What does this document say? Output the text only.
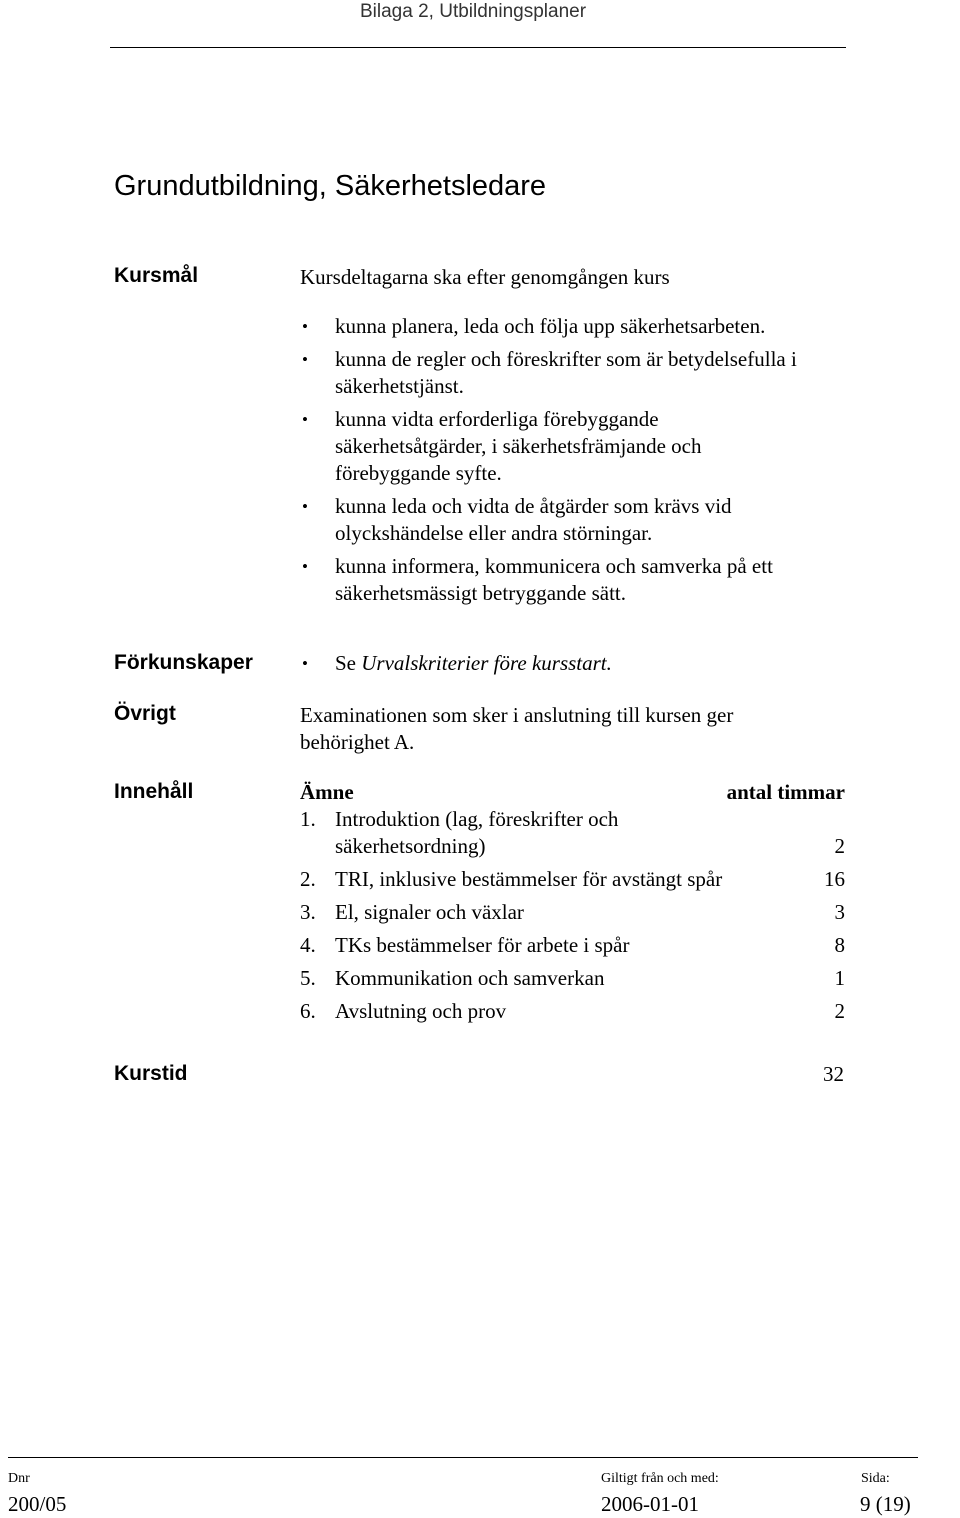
Bilaga 2, Utbildningsplaner
Grundutbildning, Säkerhetsledare
Kursmål	Kursdeltagarna ska efter genomgången kurs
• kunna planera, leda och följa upp säkerhetsarbeten.
• kunna de regler och föreskrifter som är betydelsefulla i säkerhetstjänst.
• kunna vidta erforderliga förebyggande säkerhetsåtgärder, i säkerhetsfrämjande och förebyggande syfte.
• kunna leda och vidta de åtgärder som krävs vid olyckshändelse eller andra störningar.
• kunna informera, kommunicera och samverka på ett säkerhetsmässigt betryggande sätt.
Förkunskaper	• Se Urvalskriterier före kursstart.
Övrigt	Examinationen som sker i anslutning till kursen ger behörighet A.
Innehåll	Ämne	antal timmar
1. Introduktion (lag, föreskrifter och säkerhetsordning)	2
2. TRI, inklusive bestämmelser för avstängt spår	16
3. El, signaler och växlar	3
4. TKs bestämmelser för arbete i spår	8
5. Kommunikation och samverkan	1
6. Avslutning och prov	2
Kurstid	32
Dnr
200/05
Giltigt från och med:
2006-01-01
Sida:
9 (19)
